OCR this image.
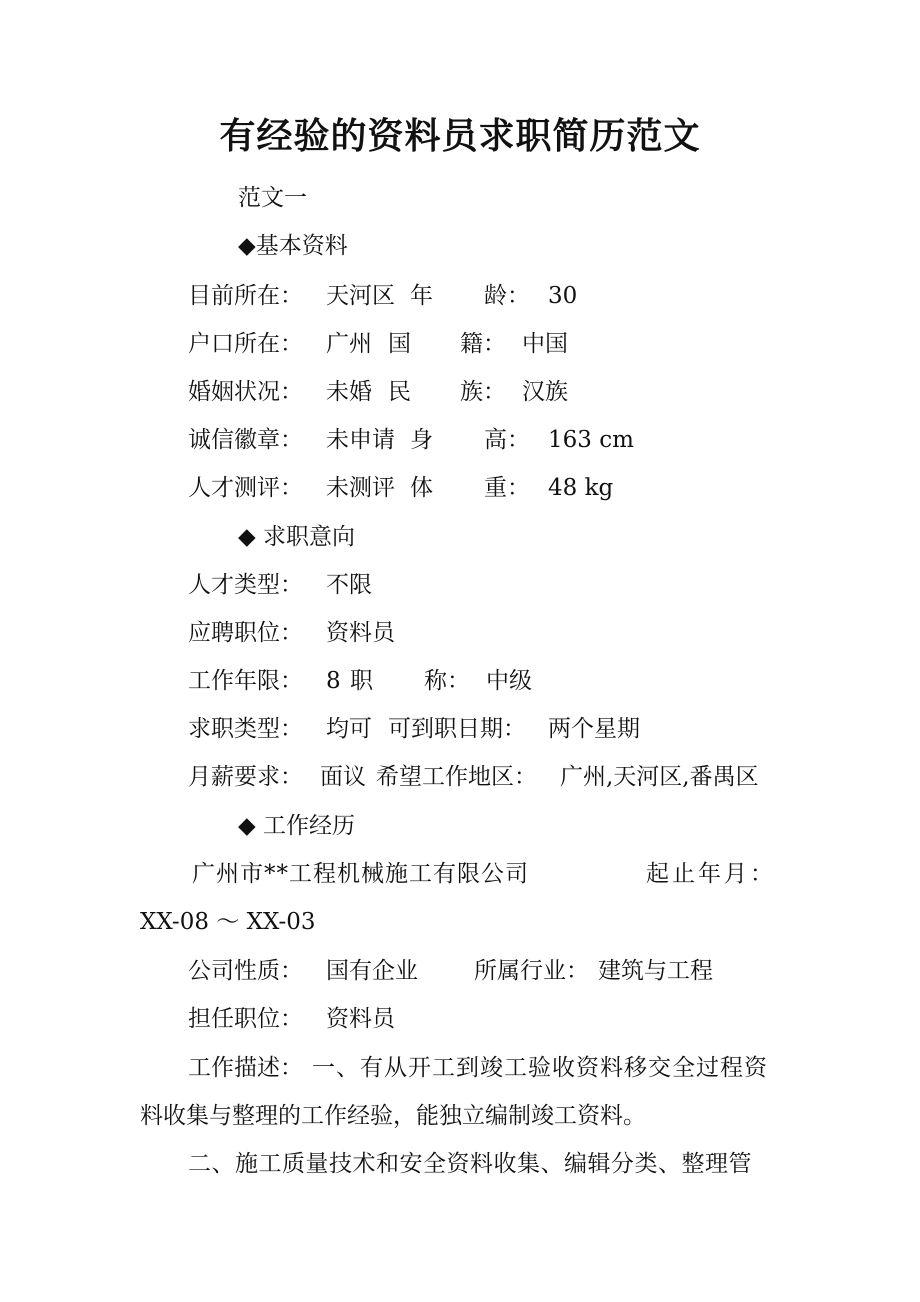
有经验的资料员求职简历范文

范文一

◆基本资料

目前所在： 天河区 年 龄： 30
户口所在： 广州 国 籍： 中国
婚姻状况： 未婚 民 族： 汉族
诚信徽章： 未申请 身 高： 163 cm
人才测评： 未测评 体 重： 48 kg

◆ 求职意向

人才类型： 不限
应聘职位： 资料员
工作年限： 8 职 称： 中级
求职类型： 均可 可到职日期： 两个星期
月薪要求： 面议 希望工作地区： 广州,天河区,番禺区

◆ 工作经历

广州市**工程机械施工有限公司	起止年月：

XX-08 ～ XX-03

公司性质： 国有企业 所属行业： 建筑与工程
担任职位： 资料员
工作描述： 一、有从开工到竣工验收资料移交全过程资

料收集与整理的工作经验，能独立编制竣工资料。

二、施工质量技术和安全资料收集、编辑分类、整理管
